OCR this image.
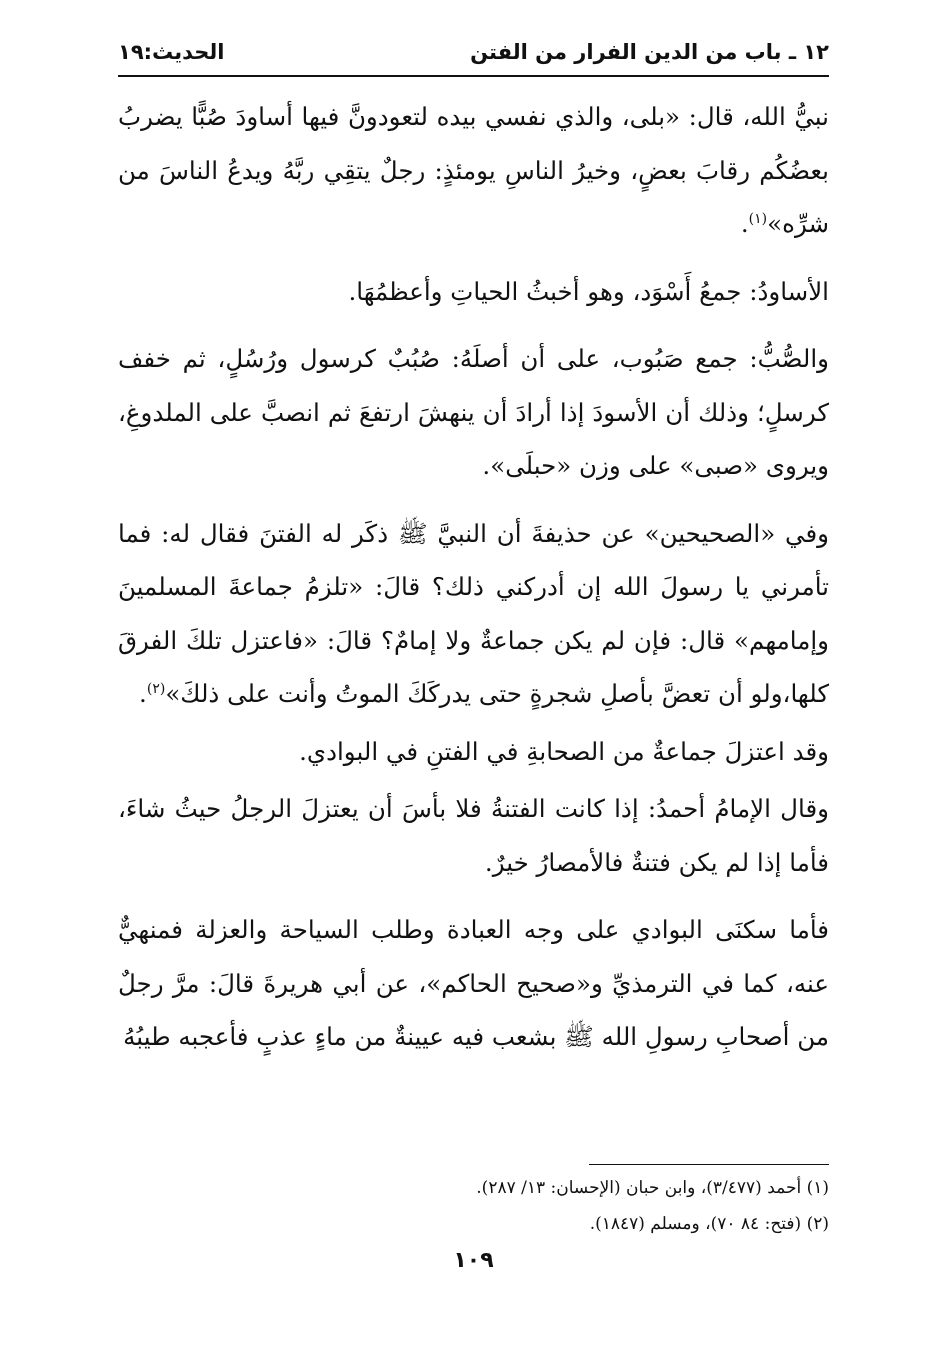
١٢ ـ باب من الدين الفرار من الفتن
الحديث:١٩

نبيُّ الله، قال: «بلى، والذي نفسي بيده لتعودونَّ فيها أساودَ صُبًّا يضربُ بعضُكُم رقابَ بعضٍ، وخيرُ الناسِ يومئذٍ: رجلٌ يتقِي ربَّهُ ويدعُ الناسَ من شرِّه»$^{(١)}$.

الأساودُ: جمعُ أَسْوَد، وهو أخبثُ الحياتِ وأعظمُهَا.

والصُّبُّ: جمع صَبُوب، على أن أصلَهُ: صُبُبٌ كرسول ورُسُلٍ، ثم خفف كرسلٍ؛ وذلك أن الأسودَ إذا أرادَ أن ينهشَ ارتفعَ ثم انصبَّ على الملدوغِ، ويروى «صبى» على وزن «حبلَى».

وفي «الصحيحين» عن حذيفةَ أن النبيَّ ﷺ ذكَر له الفتنَ فقال له: فما تأمرني يا رسولَ الله إن أدركني ذلك؟ قالَ: «تلزمُ جماعةَ المسلمينَ وإمامهم» قال: فإن لم يكن جماعةٌ ولا إمامٌ؟ قالَ: «فاعتزل تلكَ الفرقَ كلها،ولو أن تعضَّ بأصلِ شجرةٍ حتى يدركَكَ الموتُ وأنت على ذلكَ»$^{(٢)}$.

وقد اعتزلَ جماعةٌ من الصحابةِ في الفتنِ في البوادي.

وقال الإمامُ أحمدُ: إذا كانت الفتنةُ فلا بأسَ أن يعتزلَ الرجلُ حيثُ شاءَ، فأما إذا لم يكن فتنةٌ فالأمصارُ خيرٌ.

فأما سكنَى البوادي على وجه العبادة وطلب السياحة والعزلة فمنهيٌّ عنه، كما في الترمذيِّ و«صحيح الحاكم»، عن أبي هريرةَ قالَ: مرَّ رجلٌ من أصحابِ رسولِ الله ﷺ بشعب فيه عيينةٌ من ماءٍ عذبٍ فأعجبه طيبُهُ

(١) أحمد (٣/٤٧٧)، وابن حبان (الإحسان: ١٣/ ٢٨٧).
(٢) (فتح: ٨٤ ٧٠)، ومسلم (١٨٤٧).
١٠٩
